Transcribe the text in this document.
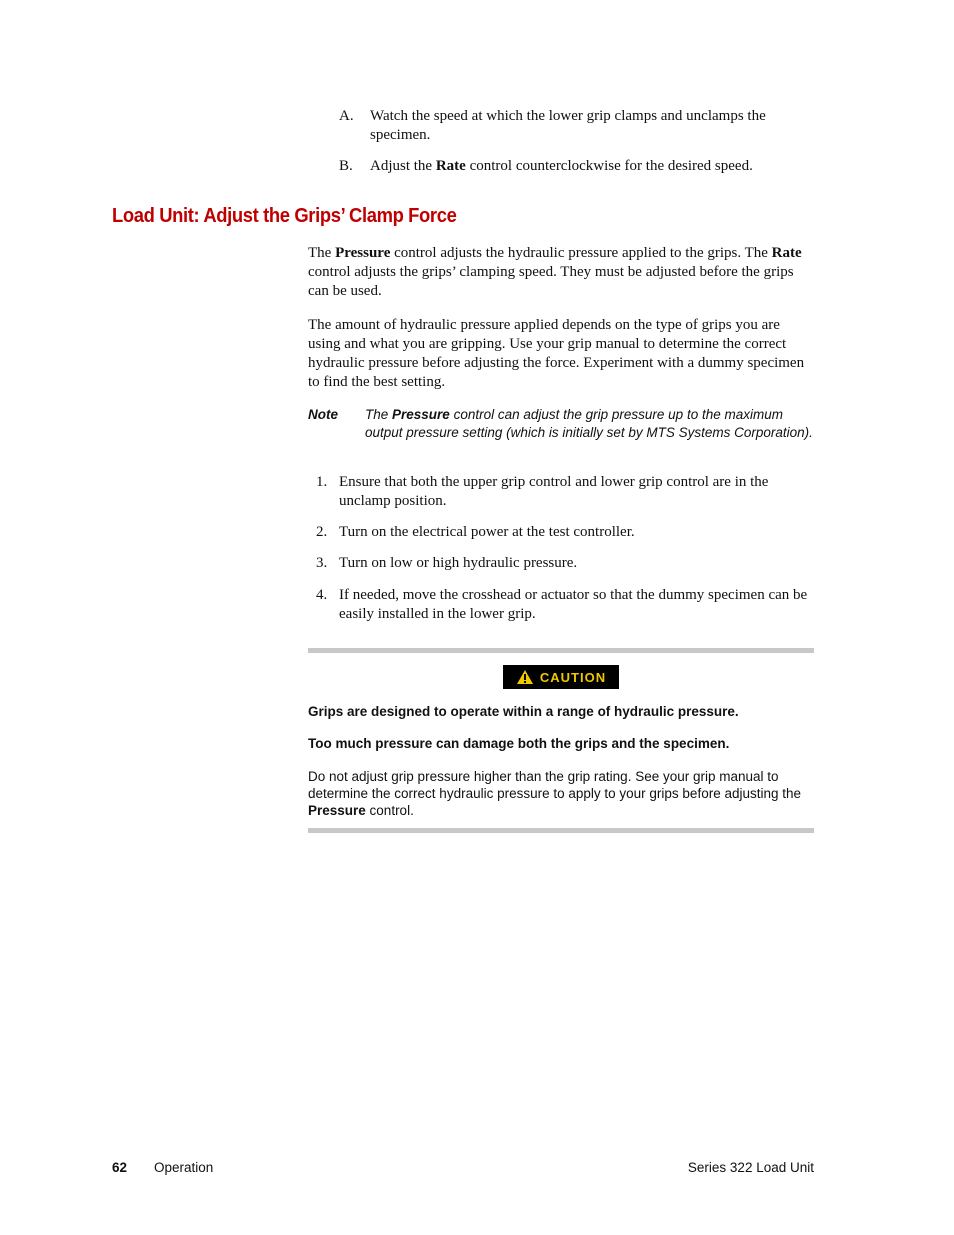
A. Watch the speed at which the lower grip clamps and unclamps the specimen.
B. Adjust the Rate control counterclockwise for the desired speed.
Load Unit: Adjust the Grips’ Clamp Force
The Pressure control adjusts the hydraulic pressure applied to the grips. The Rate control adjusts the grips’ clamping speed. They must be adjusted before the grips can be used.
The amount of hydraulic pressure applied depends on the type of grips you are using and what you are gripping. Use your grip manual to determine the correct hydraulic pressure before adjusting the force. Experiment with a dummy specimen to find the best setting.
Note The Pressure control can adjust the grip pressure up to the maximum output pressure setting (which is initially set by MTS Systems Corporation).
1. Ensure that both the upper grip control and lower grip control are in the unclamp position.
2. Turn on the electrical power at the test controller.
3. Turn on low or high hydraulic pressure.
4. If needed, move the crosshead or actuator so that the dummy specimen can be easily installed in the lower grip.
CAUTION
Grips are designed to operate within a range of hydraulic pressure.
Too much pressure can damage both the grips and the specimen.
Do not adjust grip pressure higher than the grip rating. See your grip manual to determine the correct hydraulic pressure to apply to your grips before adjusting the Pressure control.
62 Operation	Series 322 Load Unit
